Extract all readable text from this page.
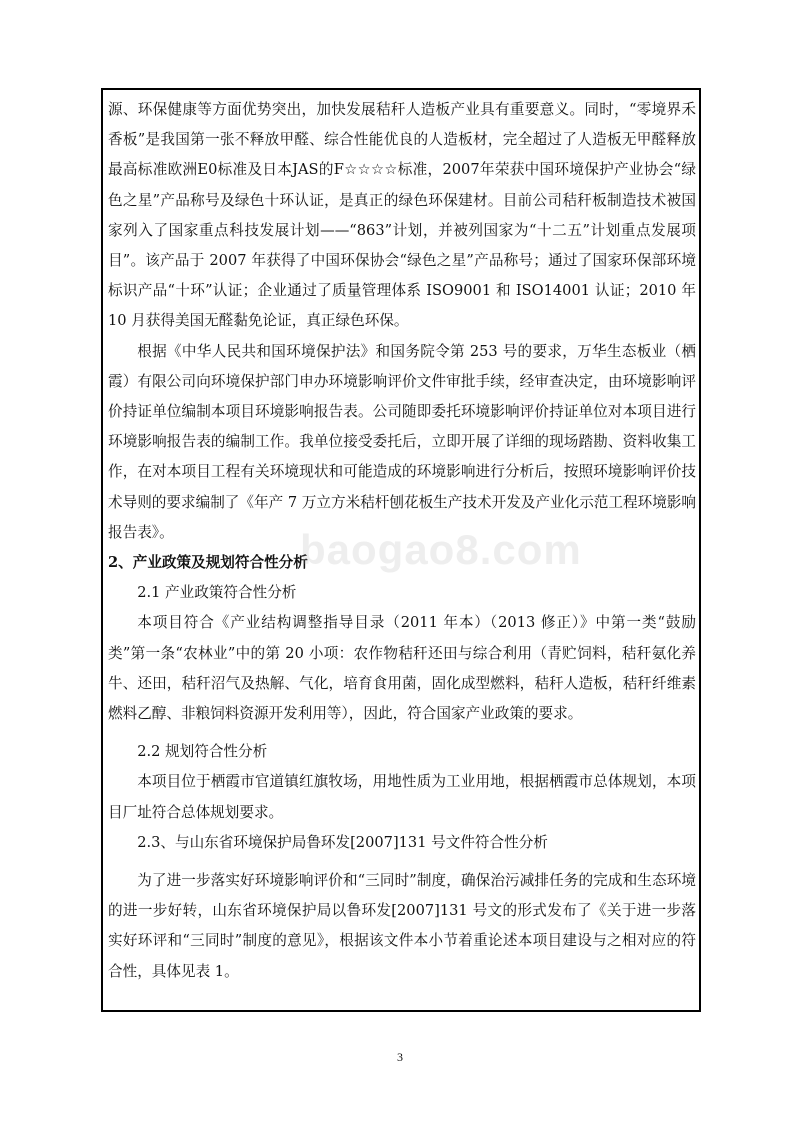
源、环保健康等方面优势突出，加快发展秸秆人造板产业具有重要意义。同时，“零境界禾香板”是我国第一张不释放甲醛、综合性能优良的人造板材，完全超过了人造板无甲醛释放最高标准欧洲E0标准及日本JAS的F☆☆☆☆标准，2007年荣获中国环境保护产业协会“绿色之星”产品称号及绿色十环认证，是真正的绿色环保建材。目前公司秸秆板制造技术被国家列入了国家重点科技发展计划——“863”计划，并被列国家为“十二五”计划重点发展项目”。该产品于 2007 年获得了中国环保协会“绿色之星”产品称号；通过了国家环保部环境标识产品“十环”认证；企业通过了质量管理体系 ISO9001 和 ISO14001 认证；2010 年 10 月获得美国无醛黏免论证，真正绿色环保。

根据《中华人民共和国环境保护法》和国务院令第 253 号的要求，万华生态板业（栖霞）有限公司向环境保护部门申办环境影响评价文件审批手续，经审查决定，由环境影响评价持证单位编制本项目环境影响报告表。公司随即委托环境影响评价持证单位对本项目进行环境影响报告表的编制工作。我单位接受委托后，立即开展了详细的现场踏勘、资料收集工作，在对本项目工程有关环境现状和可能造成的环境影响进行分析后，按照环境影响评价技术导则的要求编制了《年产 7 万立方米秸杆刨花板生产技术开发及产业化示范工程环境影响报告表》。

2、产业政策及规划符合性分析

2.1 产业政策符合性分析

本项目符合《产业结构调整指导目录（2011 年本）（2013 修正）》中第一类“鼓励类”第一条“农林业”中的第 20 小项：农作物秸秆还田与综合利用（青贮饲料，秸秆氨化养牛、还田，秸秆沼气及热解、气化，培育食用菌，固化成型燃料，秸秆人造板，秸秆纤维素燃料乙醇、非粮饲料资源开发利用等），因此，符合国家产业政策的要求。

2.2 规划符合性分析

本项目位于栖霞市官道镇红旗牧场，用地性质为工业用地，根据栖霞市总体规划，本项目厂址符合总体规划要求。

2.3、与山东省环境保护局鲁环发[2007]131 号文件符合性分析

为了进一步落实好环境影响评价和“三同时”制度，确保治污减排任务的完成和生态环境的进一步好转，山东省环境保护局以鲁环发[2007]131 号文的形式发布了《关于进一步落实好环评和“三同时”制度的意见》，根据该文件本小节着重论述本项目建设与之相对应的符合性，具体见表 1。

baogao8.com
3
